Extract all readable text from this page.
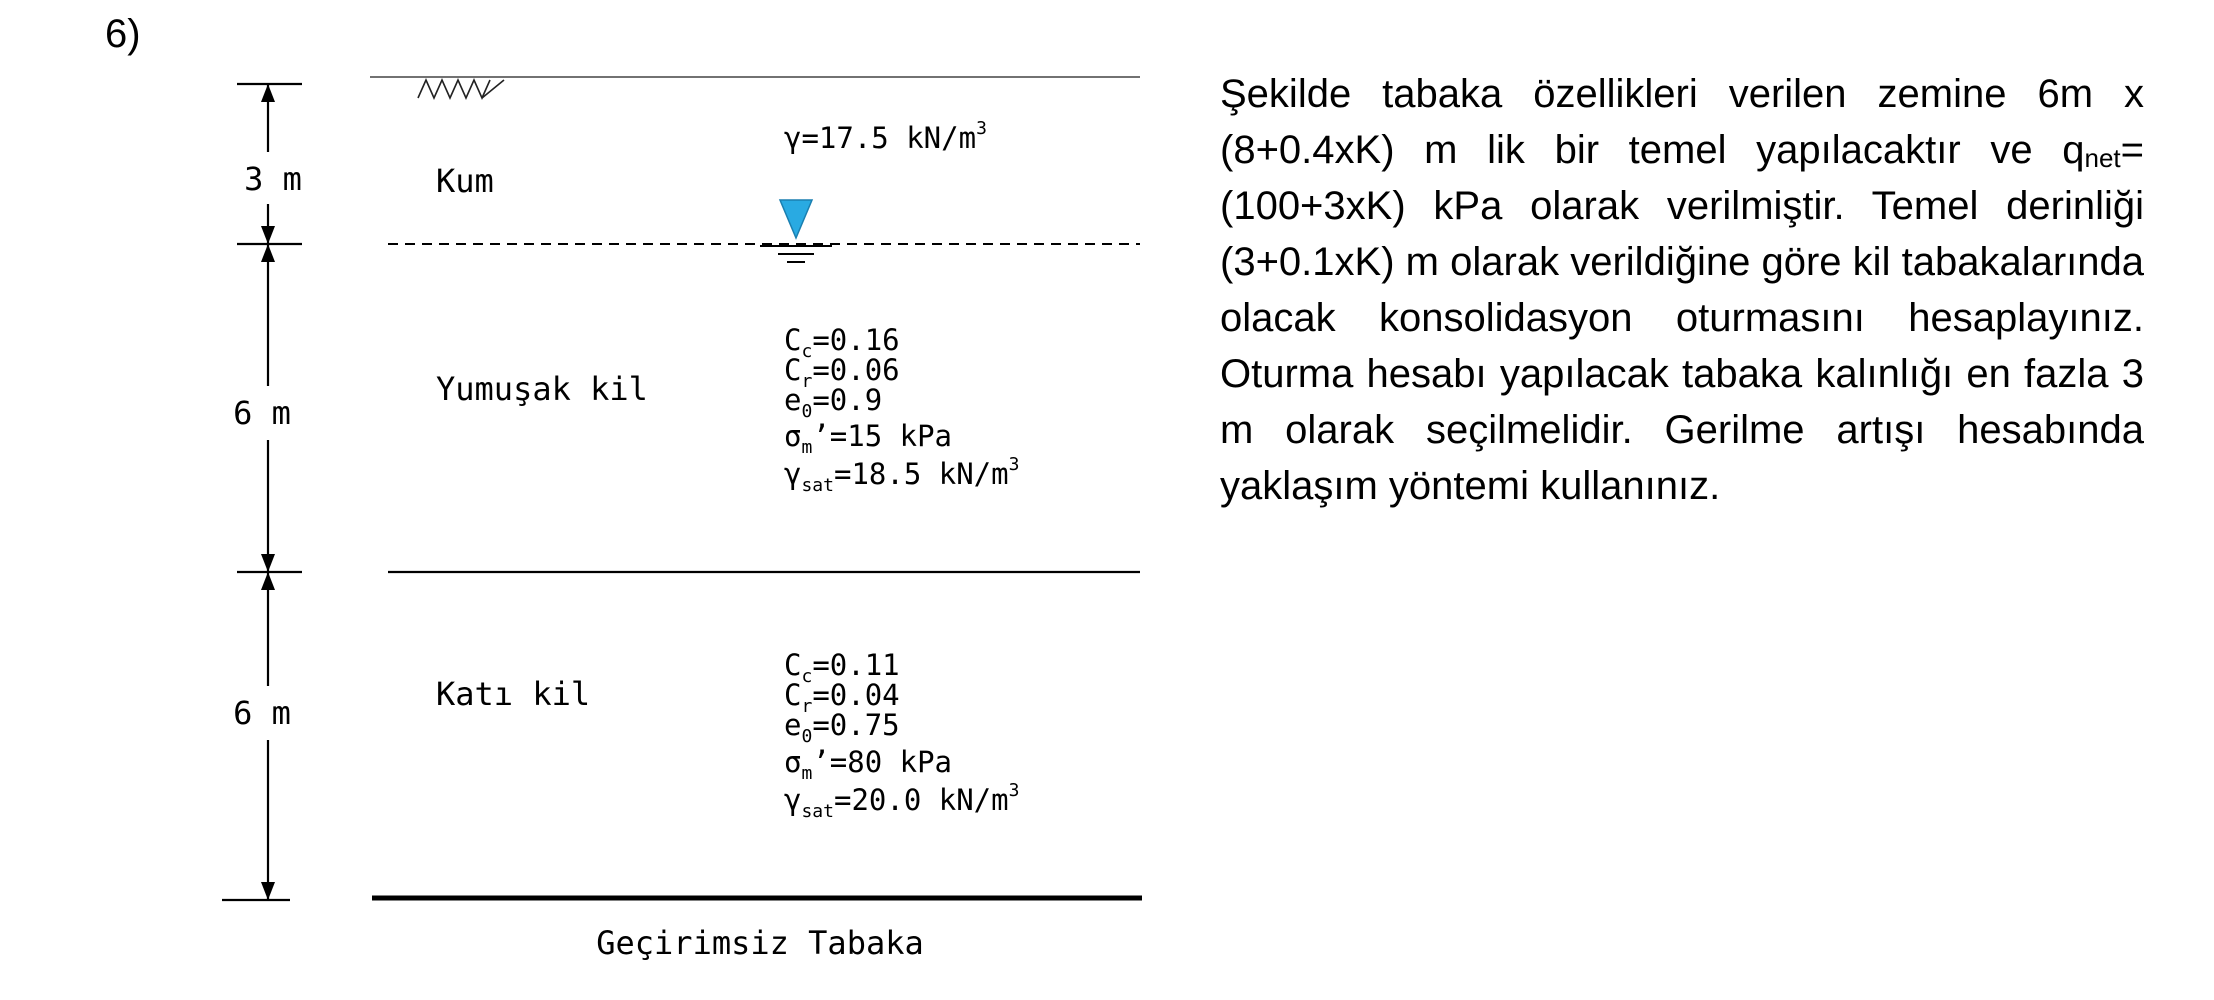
6)
3 m
6 m
6 m
Kum
Yumuşak kil
Katı kil
γ=17.5 $kN/m^3$
$C_c=0.16$
$C_r=0.06$
$e_0=0.9$
$\sigma_m’=15$ kPa
$\gamma_{sat}=18.5$ $kN/m^3$
$C_c=0.11$
$C_r=0.04$
$e_0=0.75$
$\sigma_m’=80$ kPa
$\gamma_{sat}=20.0$ $kN/m^3$
Geçirimsiz Tabaka
Şekilde tabaka özellikleri verilen zemine 6m x (8+0.4xK) m lik bir temel yapılacaktır ve $q_{net}=(100+3xK)$ kPa olarak verilmiştir. Temel derinliği (3+0.1xK) m olarak verildiğine göre kil tabakalarında olacak konsolidasyon oturmasını hesaplayınız. Oturma hesabı yapılacak tabaka kalınlığı en fazla 3 m olarak seçilmelidir. Gerilme artışı hesabında yaklaşım yöntemi kullanınız.
